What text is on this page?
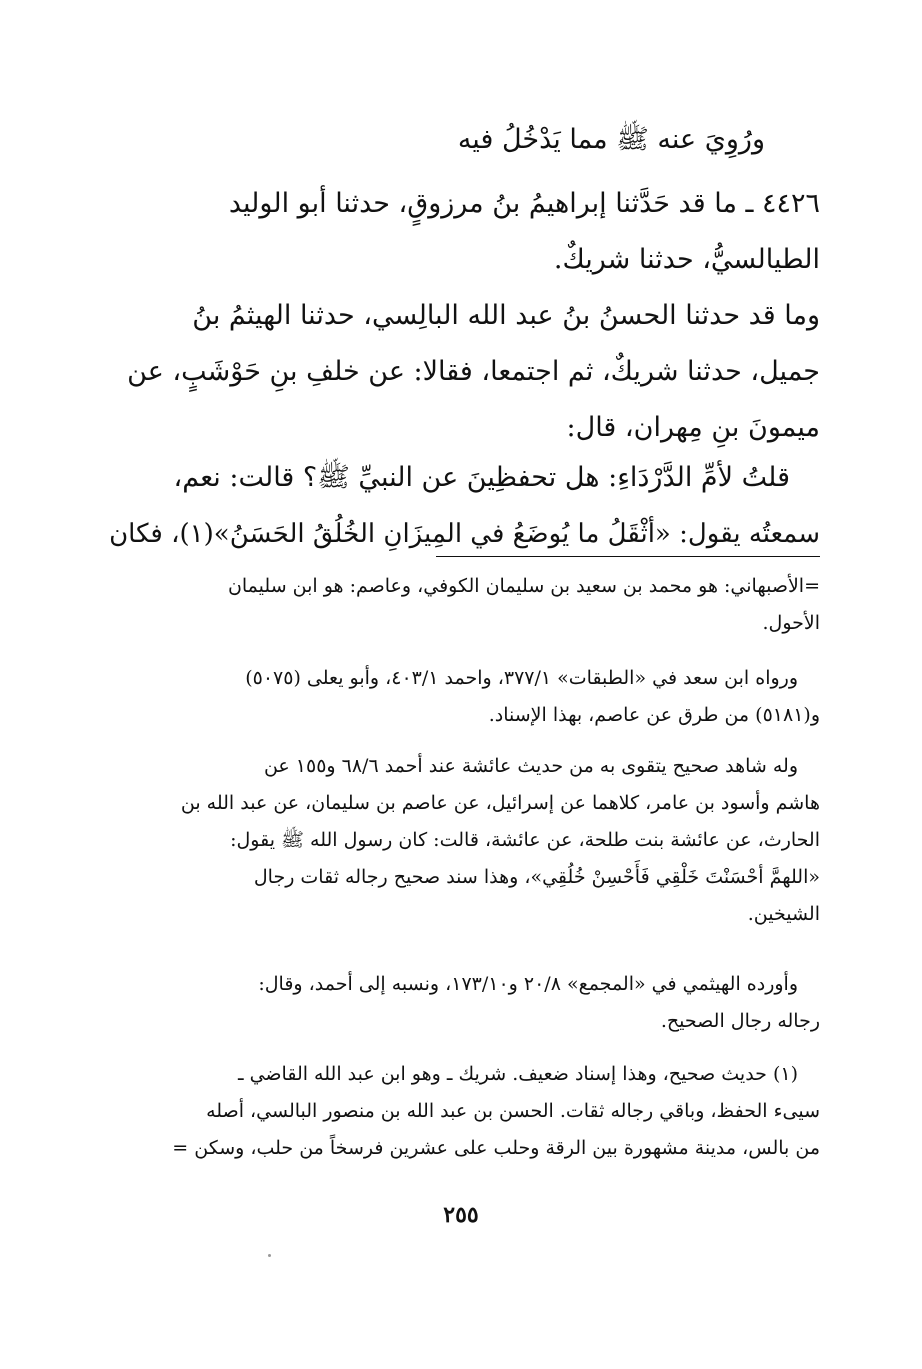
ورُوِيَ عنه ﷺ مما يَدْخُلُ فيه
٤٤٢٦ ـ ما قد حَدَّثنا إبراهيمُ بنُ مرزوقٍ، حدثنا أبو الوليد
الطيالسيُّ، حدثنا شريكٌ.
وما قد حدثنا الحسنُ بنُ عبد الله البالِسي، حدثنا الهيثمُ بنُ
جميل، حدثنا شريكٌ، ثم اجتمعا، فقالا: عن خلفِ بنِ حَوْشَبٍ، عن
ميمونَ بنِ مِهران، قال:
قلتُ لأمِّ الدَّرْدَاءِ: هل تحفظِينَ عن النبيِّ ﷺ؟ قالت: نعم،
سمعتُه يقول: «أثْقَلُ ما يُوضَعُ في المِيزَانِ الخُلُقُ الحَسَنُ»(١)، فكان
=الأصبهاني: هو محمد بن سعيد بن سليمان الكوفي، وعاصم: هو ابن سليمان
الأحول.
ورواه ابن سعد في «الطبقات» ٣٧٧/١، واحمد ٤٠٣/١، وأبو يعلى (٥٠٧٥)
و(٥١٨١) من طرق عن عاصم، بهذا الإسناد.
وله شاهد صحيح يتقوى به من حديث عائشة عند أحمد ٦٨/٦ و١٥٥ عن
هاشم وأسود بن عامر، كلاهما عن إسرائيل، عن عاصم بن سليمان، عن عبد الله بن
الحارث، عن عائشة بنت طلحة، عن عائشة، قالت: كان رسول الله ﷺ يقول:
«اللهمَّ أحْسَنْتَ خَلْقِي فَأَحْسِنْ خُلُقِي»، وهذا سند صحيح رجاله ثقات رجال
الشيخين.
وأورده الهيثمي في «المجمع» ٢٠/٨ و١٧٣/١٠، ونسبه إلى أحمد، وقال:
رجاله رجال الصحيح.
(١) حديث صحيح، وهذا إسناد ضعيف. شريك ـ وهو ابن عبد الله القاضي ـ
سيىء الحفظ، وباقي رجاله ثقات. الحسن بن عبد الله بن منصور البالسي، أصله
من بالس، مدينة مشهورة بين الرقة وحلب على عشرين فرسخاً من حلب، وسكن =
٢٥٥
